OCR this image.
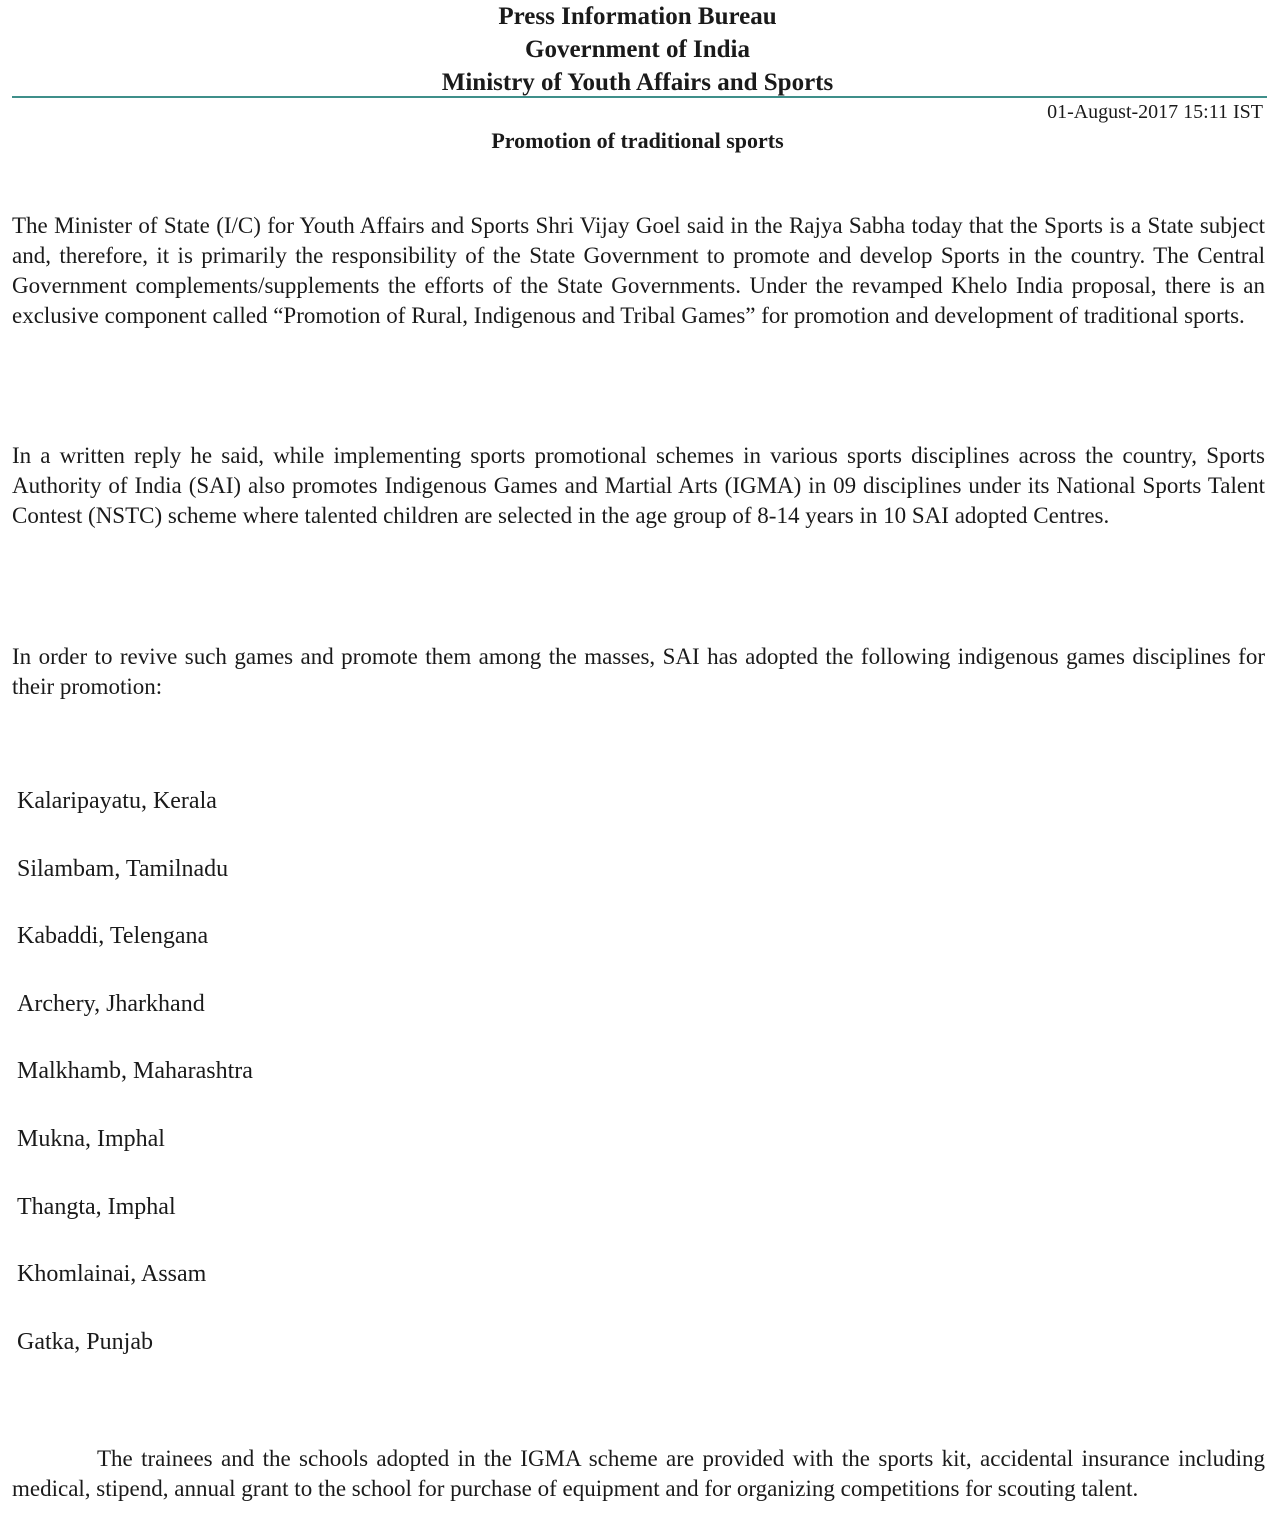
Press Information Bureau
Government of India
Ministry of Youth Affairs and Sports
01-August-2017 15:11 IST
Promotion of traditional sports

The Minister of State (I/C) for Youth Affairs and Sports Shri Vijay Goel said in the Rajya Sabha today that the Sports is a State subject and, therefore, it is primarily the responsibility of the State Government to promote and develop Sports in the country. The Central Government complements/supplements the efforts of the State Governments. Under the revamped Khelo India proposal, there is an exclusive component called “Promotion of Rural, Indigenous and Tribal Games” for promotion and development of traditional sports.

In a written reply he said, while implementing sports promotional schemes in various sports disciplines across the country, Sports Authority of India (SAI) also promotes Indigenous Games and Martial Arts (IGMA) in 09 disciplines under its National Sports Talent Contest (NSTC) scheme where talented children are selected in the age group of 8-14 years in 10 SAI adopted Centres.

In order to revive such games and promote them among the masses, SAI has adopted the following indigenous games disciplines for their promotion:

Kalaripayatu, Kerala
Silambam, Tamilnadu
Kabaddi, Telengana
Archery, Jharkhand
Malkhamb, Maharashtra
Mukna, Imphal
Thangta, Imphal
Khomlainai, Assam
Gatka, Punjab

The trainees and the schools adopted in the IGMA scheme are provided with the sports kit, accidental insurance including medical, stipend, annual grant to the school for purchase of equipment and for organizing competitions for scouting talent.
